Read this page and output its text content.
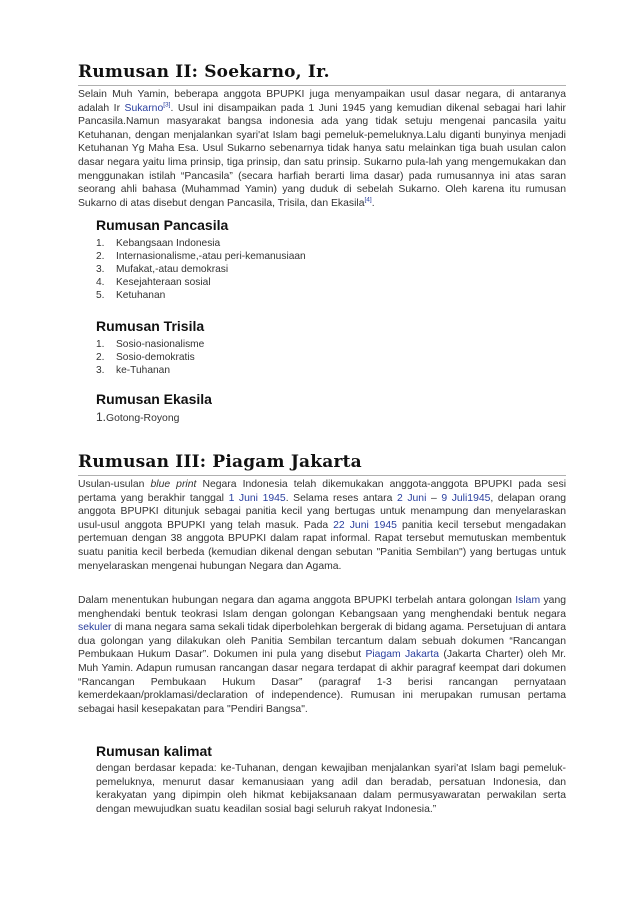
Rumusan II: Soekarno, Ir.

Selain Muh Yamin, beberapa anggota BPUPKI juga menyampaikan usul dasar negara, di antaranya adalah Ir Sukarno[3]. Usul ini disampaikan pada 1 Juni 1945 yang kemudian dikenal sebagai hari lahir Pancasila.Namun masyarakat bangsa indonesia ada yang tidak setuju mengenai pancasila yaitu Ketuhanan, dengan menjalankan syari'at Islam bagi pemeluk-pemeluknya.Lalu diganti bunyinya menjadi Ketuhanan Yg Maha Esa. Usul Sukarno sebenarnya tidak hanya satu melainkan tiga buah usulan calon dasar negara yaitu lima prinsip, tiga prinsip, dan satu prinsip. Sukarno pula-lah yang mengemukakan dan menggunakan istilah “Pancasila” (secara harfiah berarti lima dasar) pada rumusannya ini atas saran seorang ahli bahasa (Muhammad Yamin) yang duduk di sebelah Sukarno. Oleh karena itu rumusan Sukarno di atas disebut dengan Pancasila, Trisila, dan Ekasila[4].

Rumusan Pancasila
1.	Kebangsaan Indonesia
2.	Internasionalisme,-atau peri-kemanusiaan
3.	Mufakat,-atau demokrasi
4.	Kesejahteraan sosial
5.	Ketuhanan
Rumusan Trisila
1.	Sosio-nasionalisme
2.	Sosio-demokratis
3.	ke-Tuhanan
Rumusan Ekasila
1.Gotong-Royong
Rumusan III: Piagam Jakarta

Usulan-usulan blue print Negara Indonesia telah dikemukakan anggota-anggota BPUPKI pada sesi pertama yang berakhir tanggal 1 Juni 1945. Selama reses antara 2 Juni – 9 Juli1945, delapan orang anggota BPUPKI ditunjuk sebagai panitia kecil yang bertugas untuk menampung dan menyelaraskan usul-usul anggota BPUPKI yang telah masuk. Pada 22 Juni 1945 panitia kecil tersebut mengadakan pertemuan dengan 38 anggota BPUPKI dalam rapat informal. Rapat tersebut memutuskan membentuk suatu panitia kecil berbeda (kemudian dikenal dengan sebutan "Panitia Sembilan") yang bertugas untuk menyelaraskan mengenai hubungan Negara dan Agama.

Dalam menentukan hubungan negara dan agama anggota BPUPKI terbelah antara golongan Islam yang menghendaki bentuk teokrasi Islam dengan golongan Kebangsaan yang menghendaki bentuk negara sekuler di mana negara sama sekali tidak diperbolehkan bergerak di bidang agama. Persetujuan di antara dua golongan yang dilakukan oleh Panitia Sembilan tercantum dalam sebuah dokumen “Rancangan Pembukaan Hukum Dasar”. Dokumen ini pula yang disebut Piagam Jakarta (Jakarta Charter) oleh Mr. Muh Yamin. Adapun rumusan rancangan dasar negara terdapat di akhir paragraf keempat dari dokumen “Rancangan Pembukaan Hukum Dasar” (paragraf 1-3 berisi rancangan pernyataan kemerdekaan/proklamasi/declaration of independence). Rumusan ini merupakan rumusan pertama sebagai hasil kesepakatan para "Pendiri Bangsa".

Rumusan kalimat

dengan berdasar kepada: ke-Tuhanan, dengan kewajiban menjalankan syari'at Islam bagi pemeluk-pemeluknya, menurut dasar kemanusiaan yang adil dan beradab, persatuan Indonesia, dan kerakyatan yang dipimpin oleh hikmat kebijaksanaan dalam permusyawaratan perwakilan serta dengan mewujudkan suatu keadilan sosial bagi seluruh rakyat Indonesia.”
